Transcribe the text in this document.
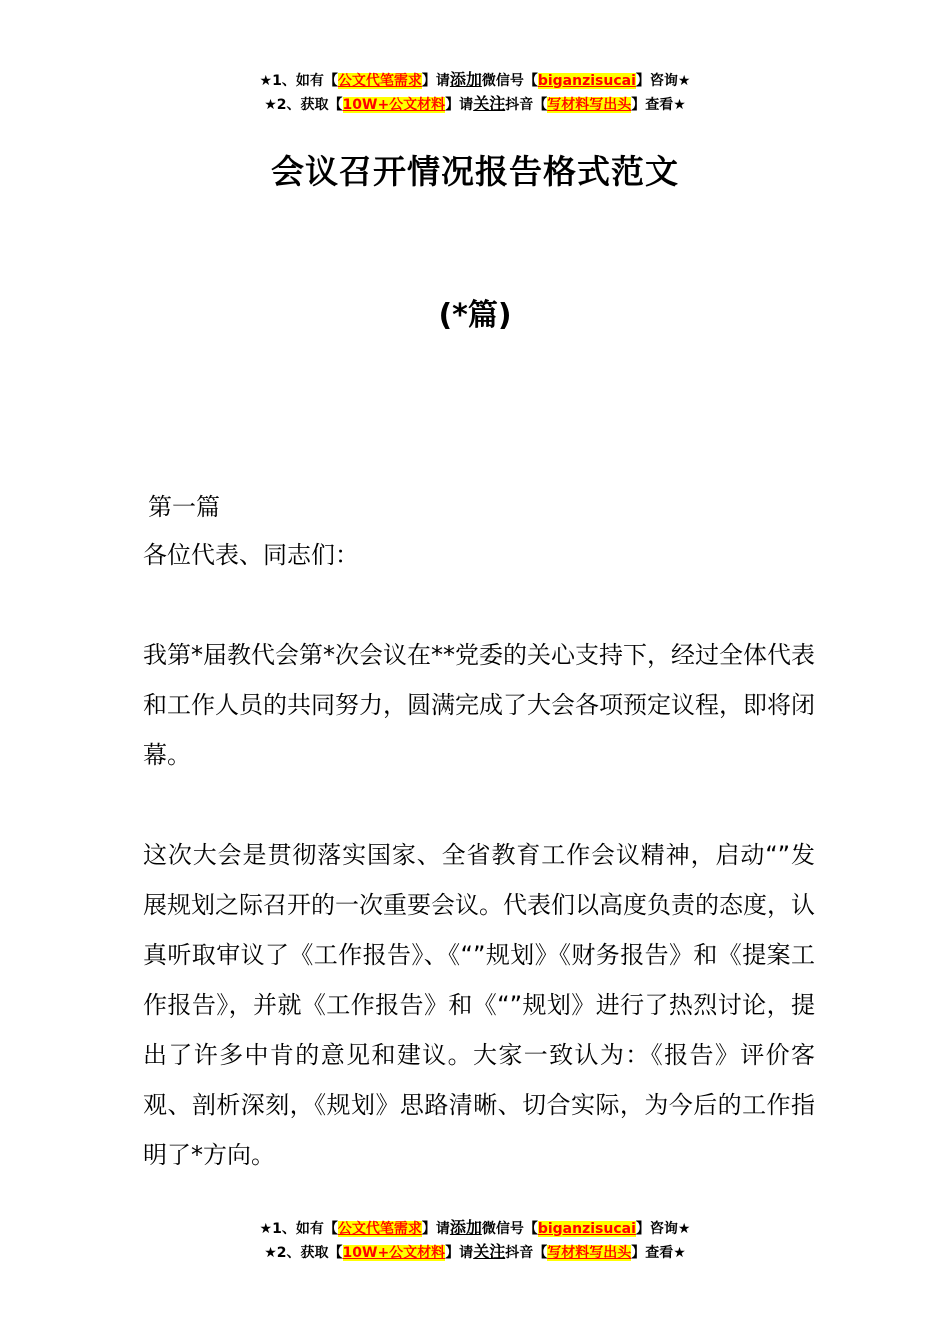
★1、如有【公文代笔需求】请添加微信号【biganzisucai】咨询★
★2、获取【10W+公文材料】请关注抖音【写材料写出头】查看★
会议召开情况报告格式范文
(*篇)
第一篇
各位代表、同志们：
我第*届教代会第*次会议在**党委的关心支持下，经过全体代表和工作人员的共同努力，圆满完成了大会各项预定议程，即将闭幕。
这次大会是贯彻落实国家、全省教育工作会议精神，启动“”发展规划之际召开的一次重要会议。代表们以高度负责的态度，认真听取审议了《工作报告》、《“”规划》《财务报告》和《提案工作报告》，并就《工作报告》和《“”规划》进行了热烈讨论，提出了许多中肯的意见和建议。大家一致认为：《报告》评价客观、剖析深刻，《规划》思路清晰、切合实际，为今后的工作指明了*方向。
★1、如有【公文代笔需求】请添加微信号【biganzisucai】咨询★
★2、获取【10W+公文材料】请关注抖音【写材料写出头】查看★
